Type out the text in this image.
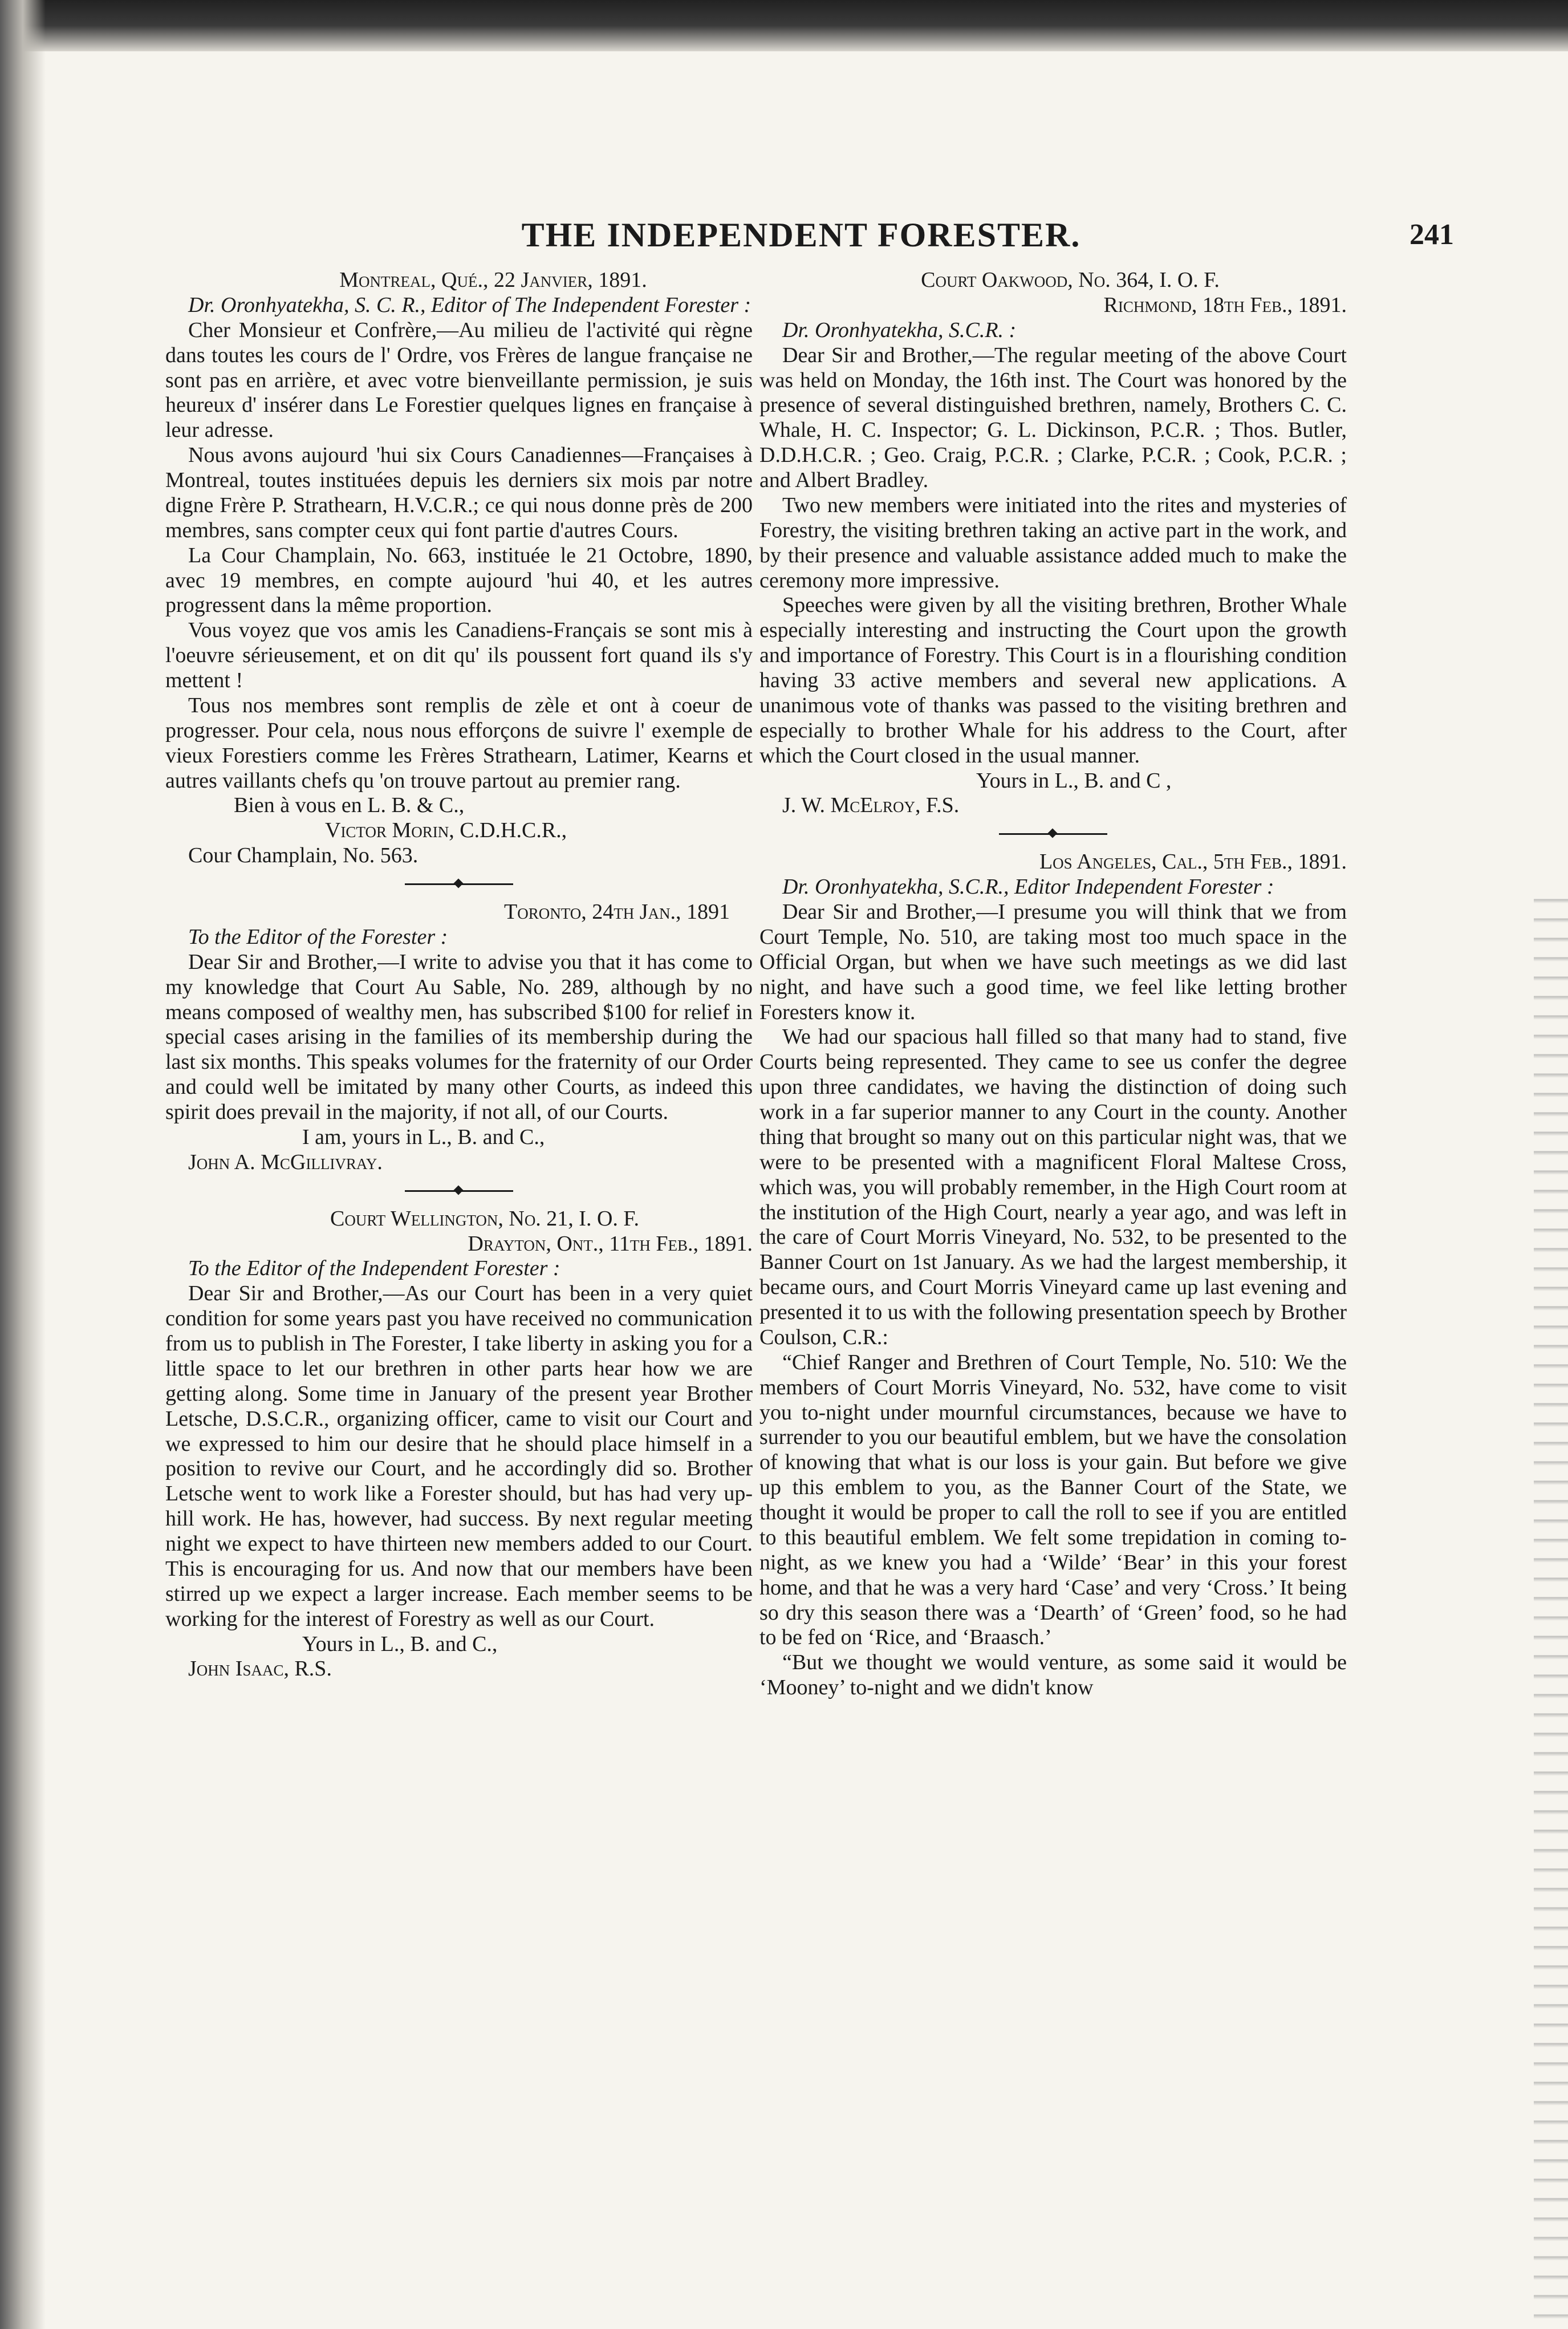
THE INDEPENDENT FORESTER.	241

Montreal, Qué., 22 Janvier, 1891.

Dr. Oronhyatekha, S. C. R., Editor of The Independent Forester :

Cher Monsieur et Confrère,—Au milieu de l'activité qui règne dans toutes les cours de l' Ordre, vos Frères de langue française ne sont pas en arrière, et avec votre bienveillante permission, je suis heureux d' insérer dans Le Forestier quelques lignes en française à leur adresse.

Nous avons aujourd 'hui six Cours Canadiennes—Françaises à Montreal, toutes instituées depuis les derniers six mois par notre digne Frère P. Strathearn, H.V.C.R.; ce qui nous donne près de 200 membres, sans compter ceux qui font partie d'autres Cours.

La Cour Champlain, No. 663, instituée le 21 Octobre, 1890, avec 19 membres, en compte aujourd 'hui 40, et les autres progressent dans la même proportion.

Vous voyez que vos amis les Canadiens-Français se sont mis à l'oeuvre sérieusement, et on dit qu' ils poussent fort quand ils s'y mettent !

Tous nos membres sont remplis de zèle et ont à coeur de progresser. Pour cela, nous nous efforçons de suivre l' exemple de vieux Forestiers comme les Frères Strathearn, Latimer, Kearns et autres vaillants chefs qu 'on trouve partout au premier rang.

Bien à vous en L. B. & C.,

Victor Morin, C.D.H.C.R.,

Cour Champlain, No. 563.

Toronto, 24th Jan., 1891

To the Editor of the Forester :

Dear Sir and Brother,—I write to advise you that it has come to my knowledge that Court Au Sable, No. 289, although by no means composed of wealthy men, has subscribed $100 for relief in special cases arising in the families of its membership during the last six months. This speaks volumes for the fraternity of our Order and could well be imitated by many other Courts, as indeed this spirit does prevail in the majority, if not all, of our Courts.

I am, yours in L., B. and C.,

John A. McGillivray.

Court Wellington, No. 21, I. O. F.

Drayton, Ont., 11th Feb., 1891.

To the Editor of the Independent Forester :

Dear Sir and Brother,—As our Court has been in a very quiet condition for some years past you have received no communication from us to publish in The Forester, I take liberty in asking you for a little space to let our brethren in other parts hear how we are getting along. Some time in January of the present year Brother Letsche, D.S.C.R., organizing officer, came to visit our Court and we expressed to him our desire that he should place himself in a position to revive our Court, and he accordingly did so. Brother Letsche went to work like a Forester should, but has had very up-hill work. He has, however, had success. By next regular meeting night we expect to have thirteen new members added to our Court. This is encouraging for us. And now that our members have been stirred up we expect a larger increase. Each member seems to be working for the interest of Forestry as well as our Court.

Yours in L., B. and C.,

John Isaac, R.S.

Court Oakwood, No. 364, I. O. F.

Richmond, 18th Feb., 1891.

Dr. Oronhyatekha, S.C.R. :

Dear Sir and Brother,—The regular meeting of the above Court was held on Monday, the 16th inst. The Court was honored by the presence of several distinguished brethren, namely, Brothers C. C. Whale, H. C. Inspector; G. L. Dickinson, P.C.R. ; Thos. Butler, D.D.H.C.R. ; Geo. Craig, P.C.R. ; Clarke, P.C.R. ; Cook, P.C.R. ; and Albert Bradley.

Two new members were initiated into the rites and mysteries of Forestry, the visiting brethren taking an active part in the work, and by their presence and valuable assistance added much to make the ceremony more impressive.

Speeches were given by all the visiting brethren, Brother Whale especially interesting and instructing the Court upon the growth and importance of Forestry. This Court is in a flourishing condition having 33 active members and several new applications. A unanimous vote of thanks was passed to the visiting brethren and especially to brother Whale for his address to the Court, after which the Court closed in the usual manner.

Yours in L., B. and C ,

J. W. McElroy, F.S.

Los Angeles, Cal., 5th Feb., 1891.

Dr. Oronhyatekha, S.C.R., Editor Independent Forester :

Dear Sir and Brother,—I presume you will think that we from Court Temple, No. 510, are taking most too much space in the Official Organ, but when we have such meetings as we did last night, and have such a good time, we feel like letting brother Foresters know it.

We had our spacious hall filled so that many had to stand, five Courts being represented. They came to see us confer the degree upon three candidates, we having the distinction of doing such work in a far superior manner to any Court in the county. Another thing that brought so many out on this particular night was, that we were to be presented with a magnificent Floral Maltese Cross, which was, you will probably remember, in the High Court room at the institution of the High Court, nearly a year ago, and was left in the care of Court Morris Vineyard, No. 532, to be presented to the Banner Court on 1st January. As we had the largest membership, it became ours, and Court Morris Vineyard came up last evening and presented it to us with the following presentation speech by Brother Coulson, C.R.:

“Chief Ranger and Brethren of Court Temple, No. 510: We the members of Court Morris Vineyard, No. 532, have come to visit you to-night under mournful circumstances, because we have to surrender to you our beautiful emblem, but we have the consolation of knowing that what is our loss is your gain. But before we give up this emblem to you, as the Banner Court of the State, we thought it would be proper to call the roll to see if you are entitled to this beautiful emblem. We felt some trepidation in coming to-night, as we knew you had a ‘Wilde’ ‘Bear’ in this your forest home, and that he was a very hard ‘Case’ and very ‘Cross.’ It being so dry this season there was a ‘Dearth’ of ‘Green’ food, so he had to be fed on ‘Rice, and ‘Braasch.’

“But we thought we would venture, as some said it would be ‘Mooney’ to-night and we didn't know
